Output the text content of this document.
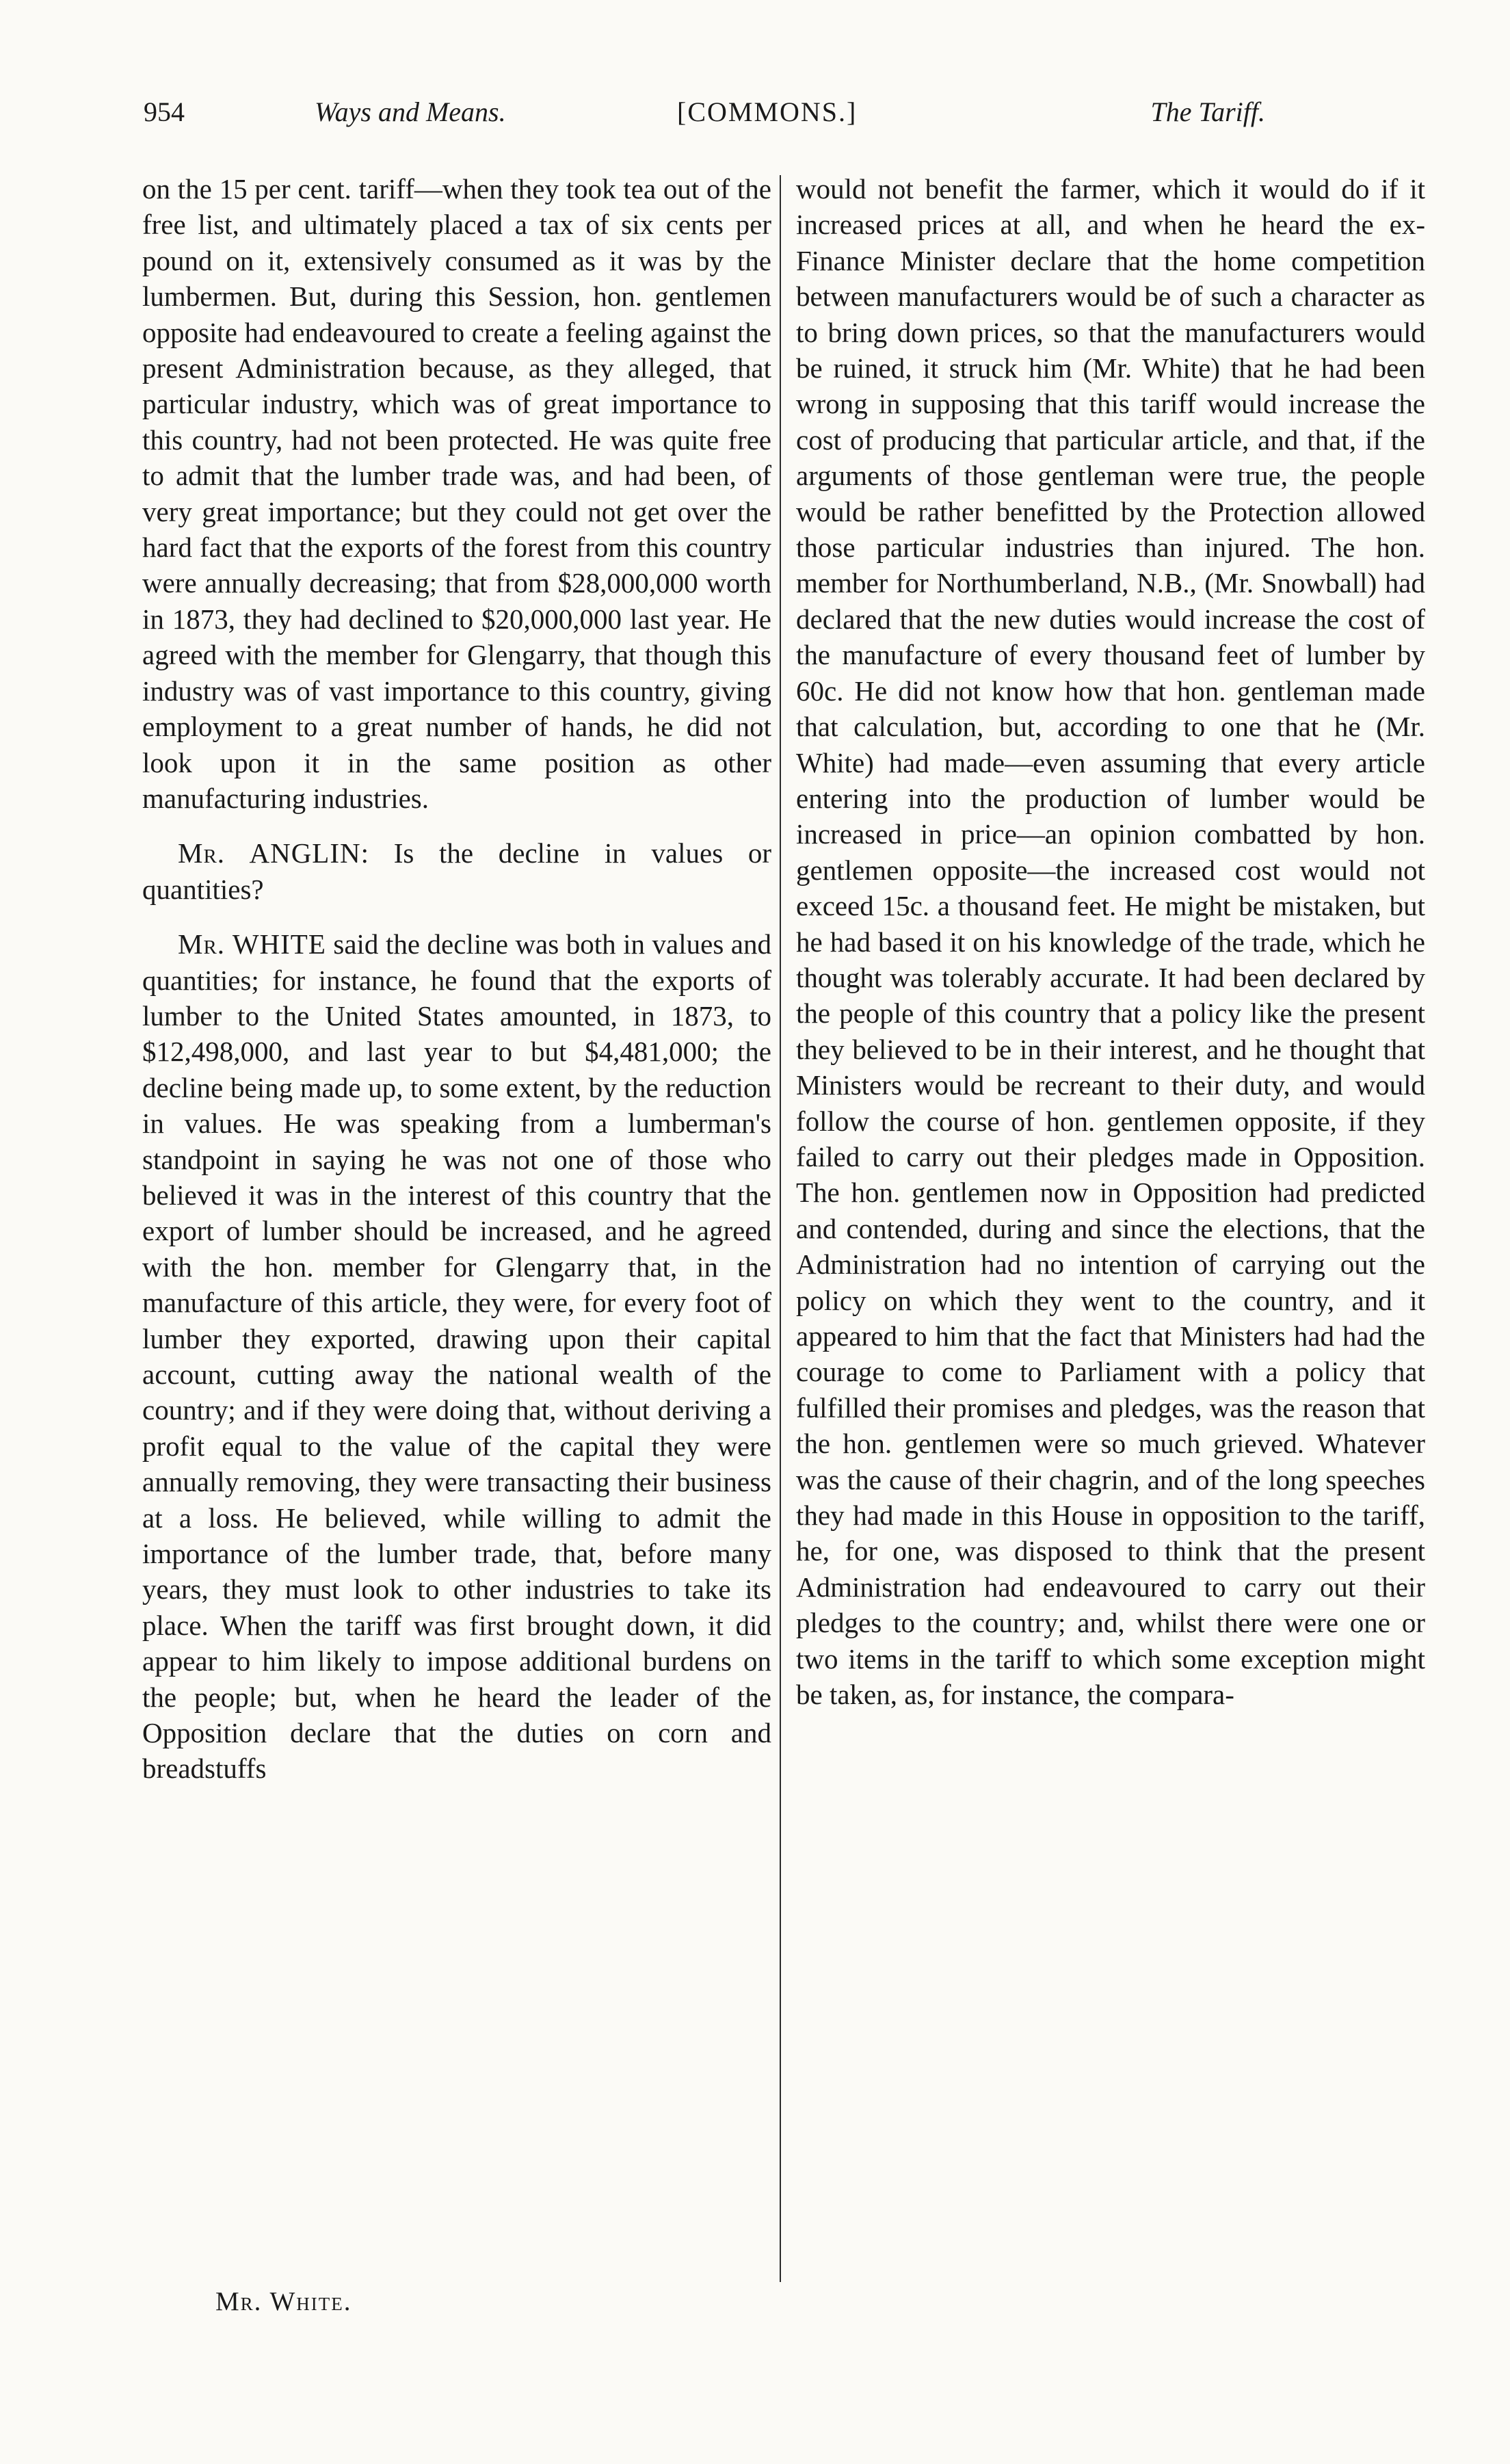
954	Ways and Means.	[COMMONS.]	The Tariff.

on the 15 per cent. tariff—when they took tea out of the free list, and ultimately placed a tax of six cents per pound on it, extensively consumed as it was by the lumbermen. But, during this Session, hon. gentlemen opposite had endeavoured to create a feeling against the present Administration because, as they alleged, that particular industry, which was of great importance to this country, had not been protected. He was quite free to admit that the lumber trade was, and had been, of very great importance; but they could not get over the hard fact that the exports of the forest from this country were annually decreasing; that from $28,000,000 worth in 1873, they had declined to $20,000,000 last year. He agreed with the member for Glengarry, that though this industry was of vast importance to this country, giving employment to a great number of hands, he did not look upon it in the same position as other manufacturing industries.

Mr. ANGLIN: Is the decline in values or quantities?

Mr. WHITE said the decline was both in values and quantities; for instance, he found that the exports of lumber to the United States amounted, in 1873, to $12,498,000, and last year to but $4,481,000; the decline being made up, to some extent, by the reduction in values. He was speaking from a lumberman's standpoint in saying he was not one of those who believed it was in the interest of this country that the export of lumber should be increased, and he agreed with the hon. member for Glengarry that, in the manufacture of this article, they were, for every foot of lumber they exported, drawing upon their capital account, cutting away the national wealth of the country; and if they were doing that, without deriving a profit equal to the value of the capital they were annually removing, they were transacting their business at a loss. He believed, while willing to admit the importance of the lumber trade, that, before many years, they must look to other industries to take its place. When the tariff was first brought down, it did appear to him likely to impose additional burdens on the people; but, when he heard the leader of the Opposition declare that the duties on corn and breadstuffs

would not benefit the farmer, which it would do if it increased prices at all, and when he heard the ex-Finance Minister declare that the home competition between manufacturers would be of such a character as to bring down prices, so that the manufacturers would be ruined, it struck him (Mr. White) that he had been wrong in supposing that this tariff would increase the cost of producing that particular article, and that, if the arguments of those gentleman were true, the people would be rather benefitted by the Protection allowed those particular industries than injured. The hon. member for Northumberland, N.B., (Mr. Snowball) had declared that the new duties would increase the cost of the manufacture of every thousand feet of lumber by 60c. He did not know how that hon. gentleman made that calculation, but, according to one that he (Mr. White) had made—even assuming that every article entering into the production of lumber would be increased in price—an opinion combatted by hon. gentlemen opposite—the increased cost would not exceed 15c. a thousand feet. He might be mistaken, but he had based it on his knowledge of the trade, which he thought was tolerably accurate. It had been declared by the people of this country that a policy like the present they believed to be in their interest, and he thought that Ministers would be recreant to their duty, and would follow the course of hon. gentlemen opposite, if they failed to carry out their pledges made in Opposition. The hon. gentlemen now in Opposition had predicted and contended, during and since the elections, that the Administration had no intention of carrying out the policy on which they went to the country, and it appeared to him that the fact that Ministers had had the courage to come to Parliament with a policy that fulfilled their promises and pledges, was the reason that the hon. gentlemen were so much grieved. Whatever was the cause of their chagrin, and of the long speeches they had made in this House in opposition to the tariff, he, for one, was disposed to think that the present Administration had endeavoured to carry out their pledges to the country; and, whilst there were one or two items in the tariff to which some exception might be taken, as, for instance, the compara-

Mr. White.
